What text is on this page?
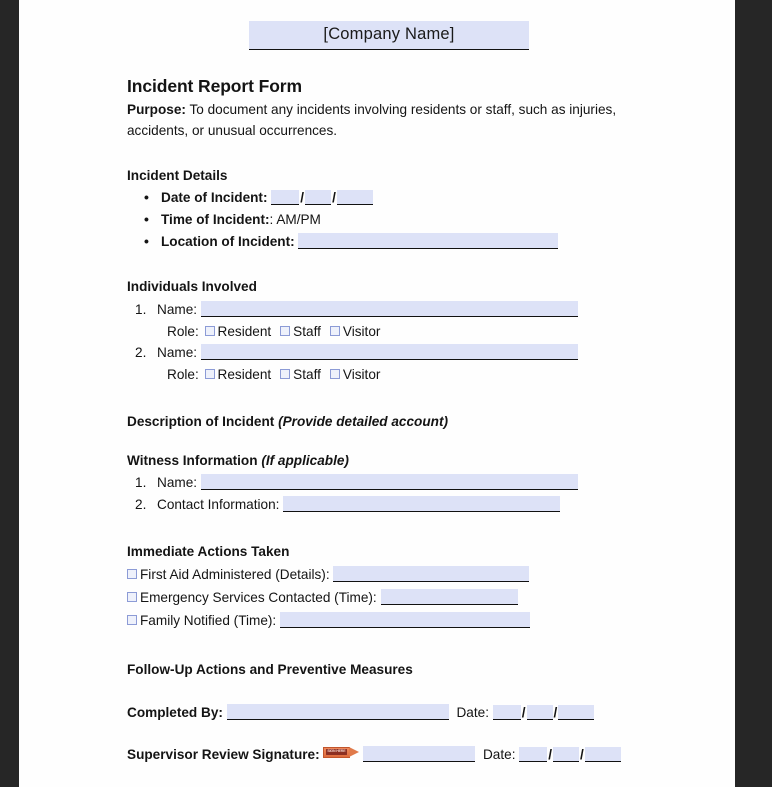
[Company Name]
Incident Report Form

Purpose: To document any incidents involving residents or staff, such as injuries, accidents, or unusual occurrences.

Incident Details
• Date of Incident: / /
• Time of Incident:: AM/PM
• Location of Incident:
Individuals Involved
Name:
Role: Resident Staff Visitor
Name:
Role: Resident Staff Visitor
Description of Incident (Provide detailed account)
Witness Information (If applicable)
Name:
Contact Information:
Immediate Actions Taken
First Aid Administered (Details):
Emergency Services Contacted (Time):
Family Notified (Time):
Follow-Up Actions and Preventive Measures
Completed By:	Date: / /
Supervisor Review Signature:	SIGN HERE	Date: / /
